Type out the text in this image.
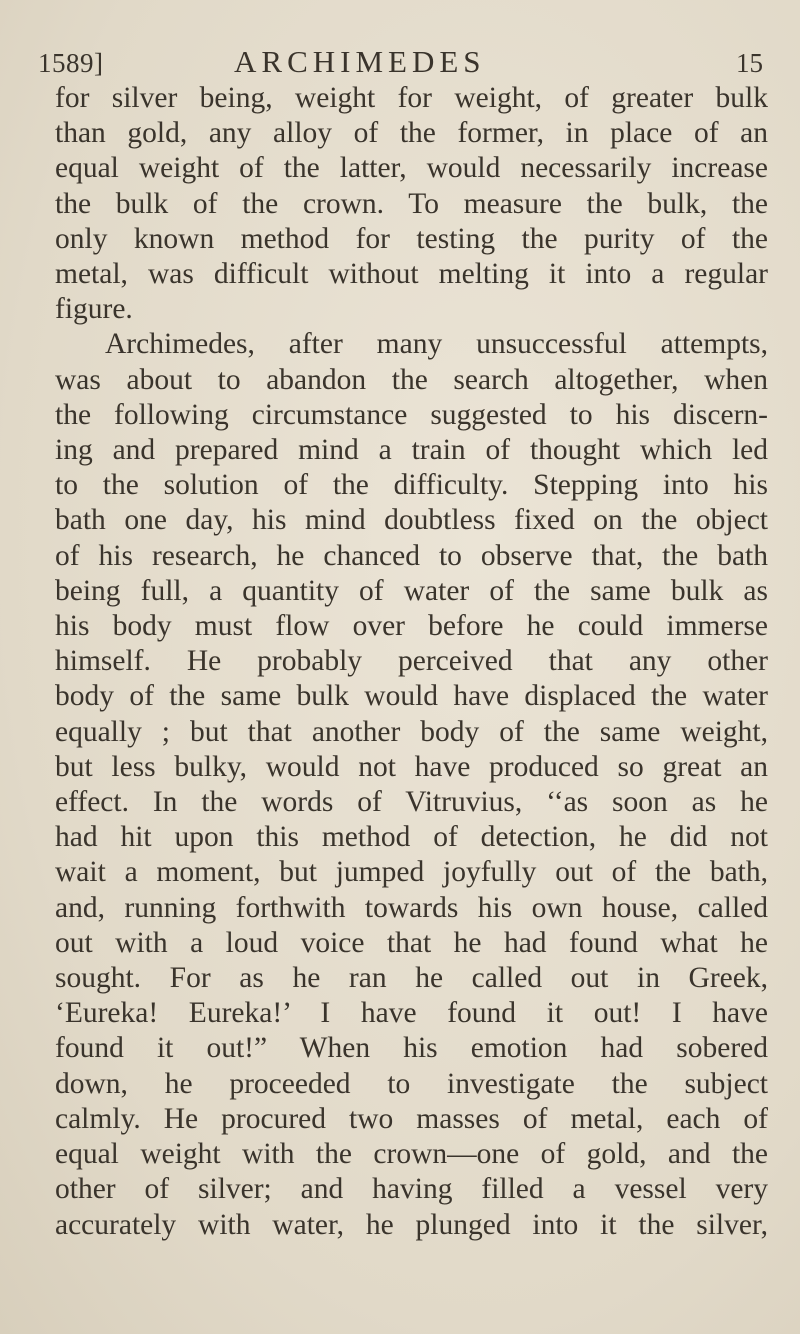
1589]	ARCHIMEDES	15
for silver being, weight for weight, of greater bulk
than gold, any alloy of the former, in place of an
equal weight of the latter, would necessarily increase
the bulk of the crown. To measure the bulk, the
only known method for testing the purity of the
metal, was difficult without melting it into a regular
figure.
Archimedes, after many unsuccessful attempts,
was about to abandon the search altogether, when
the following circumstance suggested to his discern-
ing and prepared mind a train of thought which led
to the solution of the difficulty. Stepping into his
bath one day, his mind doubtless fixed on the object
of his research, he chanced to observe that, the bath
being full, a quantity of water of the same bulk as
his body must flow over before he could immerse
himself. He probably perceived that any other
body of the same bulk would have displaced the water
equally ; but that another body of the same weight,
but less bulky, would not have produced so great an
effect. In the words of Vitruvius, ‘‘as soon as he
had hit upon this method of detection, he did not
wait a moment, but jumped joyfully out of the bath,
and, running forthwith towards his own house, called
out with a loud voice that he had found what he
sought. For as he ran he called out in Greek,
‘Eureka! Eureka!’ I have found it out! I have
found it out!” When his emotion had sobered
down, he proceeded to investigate the subject
calmly. He procured two masses of metal, each of
equal weight with the crown—one of gold, and the
other of silver; and having filled a vessel very
accurately with water, he plunged into it the silver,
